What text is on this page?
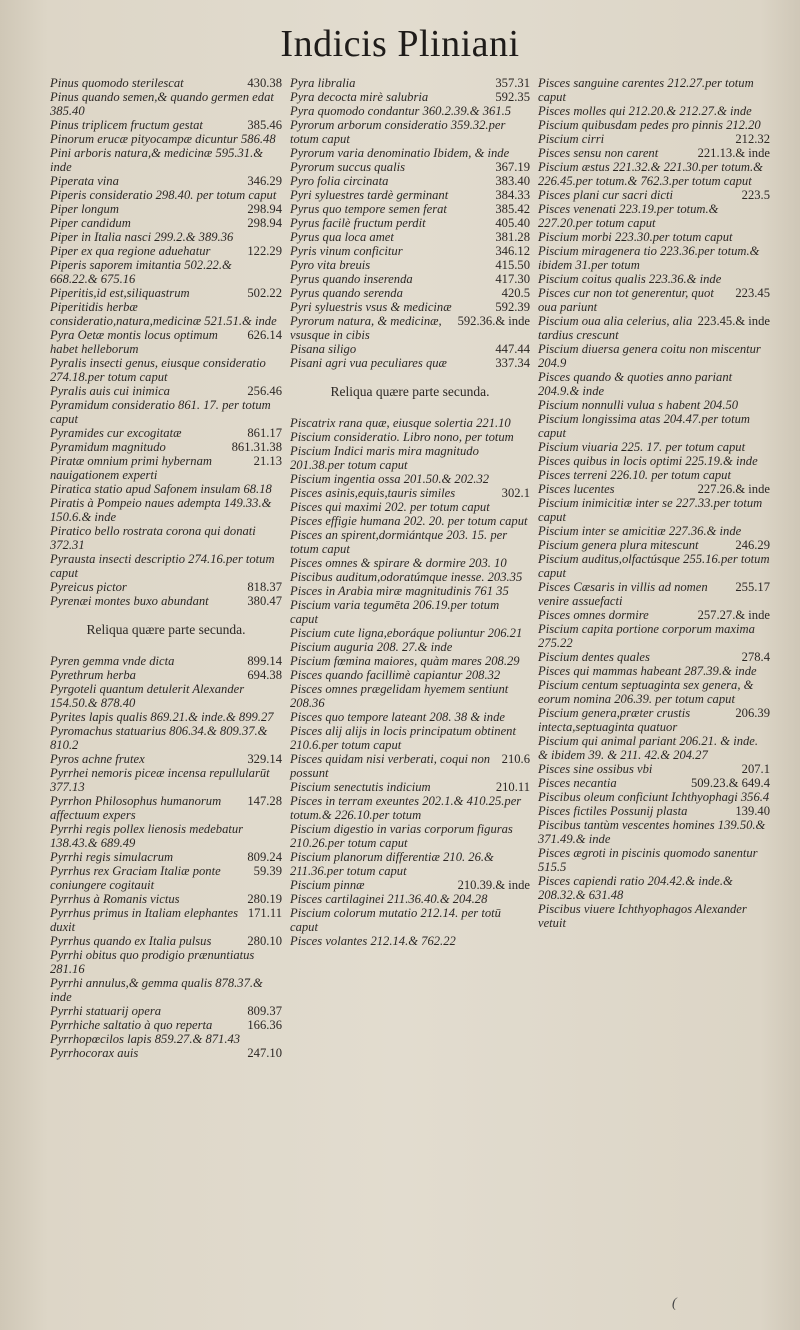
Indicis Pliniani

430.38
Pinus quomodo sterilescat

Pinus quando semen,& quando germen edat 385.40

385.46
Pinus triplicem fructum gestat

Pinorum erucæ pityocampæ dicuntur 586.48

Pini arboris natura,& medicinæ 595.31.& inde

346.29
Piperata vina

Piperis consideratio 298.40. per totum caput

298.94
Piper longum

298.94
Piper candidum

Piper in Italia nasci 299.2.& 389.36

122.29
Piper ex qua regione aduehatur

Piperis saporem imitantia 502.22.& 668.22.& 675.16

502.22
Piperitis,id est,siliquastrum

Piperitidis herbæ consideratio,natura,medicinæ 521.51.& inde

626.14
Pyra Oetæ montis locus optimum habet helleborum

Pyralis insecti genus, eiusque consideratio 274.18.per totum caput

256.46
Pyralis auis cui inimica

Pyramidum consideratio 861. 17. per totum caput

861.17
Pyramides cur excogitatæ

861.31.38
Pyramidum magnitudo

21.13
Piratæ omnium primi hybernam nauigationem experti

Piratica statio apud Safonem insulam 68.18

Piratis à Pompeio naues adempta 149.33.& 150.6.& inde

Piratico bello rostrata corona qui donati 372.31

Pyrausta insecti descriptio 274.16.per totum caput

818.37
Pyreicus pictor

380.47
Pyrenæi montes buxo abundant

Reliqua quære parte secunda.

899.14
Pyren gemma vnde dicta

694.38
Pyrethrum herba

Pyrgoteli quantum detulerit Alexander 154.50.& 878.40

Pyrites lapis qualis 869.21.& inde.& 899.27

Pyromachus statuarius 806.34.& 809.37.& 810.2

329.14
Pyros achne frutex

Pyrrhei nemoris piceæ incensa repullularūt 377.13

147.28
Pyrrhon Philosophus humanorum affectuum expers

Pyrrhi regis pollex lienosis medebatur 138.43.& 689.49

809.24
Pyrrhi regis simulacrum

59.39
Pyrrhus rex Graciam Italiæ ponte coniungere cogitauit

280.19
Pyrrhus à Romanis victus

171.11
Pyrrhus primus in Italiam elephantes duxit

280.10
Pyrrhus quando ex Italia pulsus

Pyrrhi obitus quo prodigio prænuntiatus 281.16

Pyrrhi annulus,& gemma qualis 878.37.& inde

809.37
Pyrrhi statuarij opera

166.36
Pyrrhiche saltatio à quo reperta

Pyrrhopœcilos lapis 859.27.& 871.43

247.10
Pyrrhocorax auis

357.31
Pyra libralia

592.35
Pyra decocta mirè salubria

Pyra quomodo condantur 360.2.39.& 361.5

Pyrorum arborum consideratio 359.32.per totum caput

Pyrorum varia denominatio Ibidem, & inde

367.19
Pyrorum succus qualis

383.40
Pyro folia circinata

384.33
Pyri syluestres tardè germinant

385.42
Pyrus quo tempore semen ferat

405.40
Pyrus facilè fructum perdit

381.28
Pyrus qua loca amet

346.12
Pyris vinum conficitur

415.50
Pyro vita breuis

417.30
Pyrus quando inserenda

420.5
Pyrus quando serenda

592.39
Pyri syluestris vsus & medicinæ

592.36.& inde
Pyrorum natura, & medicinæ, vsusque in cibis

447.44
Pisana siligo

337.34
Pisani agri vua peculiares quæ

Reliqua quære parte secunda.

Piscatrix rana quæ, eiusque solertia 221.10

Piscium consideratio. Libro nono, per totum

Piscium Indici maris mira magnitudo 201.38.per totum caput

Piscium ingentia ossa 201.50.& 202.32

302.1
Pisces asinis,equis,tauris similes

Pisces qui maximi 202. per totum caput

Pisces effigie humana 202. 20. per totum caput

Pisces an spirent,dormiántque 203. 15. per totum caput

Pisces omnes & spirare & dormire 203. 10

Piscibus auditum,odoratúmque inesse. 203.35

Pisces in Arabia miræ magnitudinis 761 35

Piscium varia tegumēta 206.19.per totum caput

Piscium cute ligna,eboráque poliuntur 206.21

Piscium auguria 208. 27.& inde

Piscium fœmina maiores, quàm mares 208.29

Pisces quando facillimè capiantur 208.32

Pisces omnes prægelidam hyemem sentiunt 208.36

Pisces quo tempore lateant 208. 38 & inde

Pisces alij alijs in locis principatum obtinent 210.6.per totum caput

210.6
Pisces quidam nisi verberati, coqui non possunt

210.11
Piscium senectutis indicium

Pisces in terram exeuntes 202.1.& 410.25.per totum.& 226.10.per totum

Piscium digestio in varias corporum figuras 210.26.per totum caput

Piscium planorum differentiæ 210. 26.& 211.36.per totum caput

210.39.& inde
Piscium pinnæ

Pisces cartilaginei 211.36.40.& 204.28

Piscium colorum mutatio 212.14. per totū caput

Pisces volantes 212.14.& 762.22

Pisces sanguine carentes 212.27.per totum caput

Pisces molles qui 212.20.& 212.27.& inde

Piscium quibusdam pedes pro pinnis 212.20

212.32
Piscium cirri

221.13.& inde
Pisces sensu non carent

Piscium æstus 221.32.& 221.30.per totum.& 226.45.per totum.& 762.3.per totum caput

223.5
Pisces plani cur sacri dicti

Pisces venenati 223.19.per totum.& 227.20.per totum caput

Piscium morbi 223.30.per totum caput

Piscium miragenera tio 223.36.per totum.& ibidem 31.per totum

Piscium coitus qualis 223.36.& inde

223.45
Pisces cur non tot generentur, quot oua pariunt

223.45.& inde
Piscium oua alia celerius, alia tardius crescunt

Piscium diuersa genera coitu non miscentur 204.9

Pisces quando & quoties anno pariant 204.9.& inde

Piscium nonnulli vulua s habent 204.50

Piscium longissima atas 204.47.per totum caput

Piscium viuaria 225. 17. per totum caput

Pisces quibus in locis optimi 225.19.& inde

Pisces terreni 226.10. per totum caput

227.26.& inde
Pisces lucentes

Piscium inimicitiæ inter se 227.33.per totum caput

Piscium inter se amicitiæ 227.36.& inde

246.29
Piscium genera plura mitescunt

Piscium auditus,olfactúsque 255.16.per totum caput

255.17
Pisces Cæsaris in villis ad nomen venire assuefacti

257.27.& inde
Pisces omnes dormire

Piscium capita portione corporum maxima 275.22

278.4
Piscium dentes quales

Pisces qui mammas habeant 287.39.& inde

Piscium centum septuaginta sex genera, & eorum nomina 206.39. per totum caput

206.39
Piscium genera,præter crustis intecta,septuaginta quatuor

Piscium qui animal pariant 206.21. & inde. & ibidem 39. & 211. 42.& 204.27

207.1
Pisces sine ossibus vbi

509.23.& 649.4
Pisces necantia

Piscibus oleum conficiunt Ichthyophagi 356.4

139.40
Pisces fictiles Possunij plasta

Piscibus tantùm vescentes homines 139.50.& 371.49.& inde

Pisces ægroti in piscinis quomodo sanentur 515.5

Pisces capiendi ratio 204.42.& inde.& 208.32.& 631.48

Piscibus viuere Ichthyophagos Alexander vetuit

(
